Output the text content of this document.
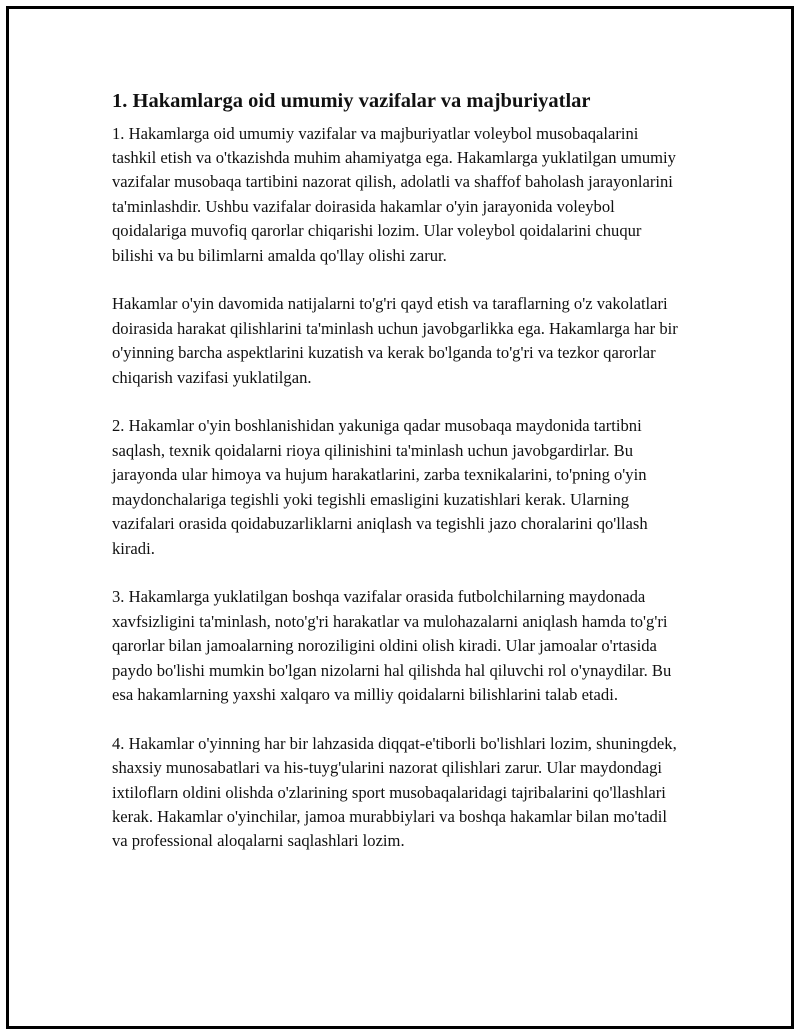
1. Hakamlarga oid umumiy vazifalar va majburiyatlar

1. Hakamlarga oid umumiy vazifalar va majburiyatlar voleybol musobaqalarini tashkil etish va o'tkazishda muhim ahamiyatga ega. Hakamlarga yuklatilgan umumiy vazifalar musobaqa tartibini nazorat qilish, adolatli va shaffof baholash jarayonlarini ta'minlashdir. Ushbu vazifalar doirasida hakamlar o'yin jarayonida voleybol qoidalariga muvofiq qarorlar chiqarishi lozim. Ular voleybol qoidalarini chuqur bilishi va bu bilimlarni amalda qo'llay olishi zarur.

Hakamlar o'yin davomida natijalarni to'g'ri qayd etish va taraflarning o'z vakolatlari doirasida harakat qilishlarini ta'minlash uchun javobgarlikka ega. Hakamlarga har bir o'yinning barcha aspektlarini kuzatish va kerak bo'lganda to'g'ri va tezkor qarorlar chiqarish vazifasi yuklatilgan.

2. Hakamlar o'yin boshlanishidan yakuniga qadar musobaqa maydonida tartibni saqlash, texnik qoidalarni rioya qilinishini ta'minlash uchun javobgardirlar. Bu jarayonda ular himoya va hujum harakatlarini, zarba texnikalarini, to'pning o'yin maydonchalariga tegishli yoki tegishli emasligini kuzatishlari kerak. Ularning vazifalari orasida qoidabuzarliklarni aniqlash va tegishli jazo choralarini qo'llash kiradi.

3. Hakamlarga yuklatilgan boshqa vazifalar orasida futbolchilarning maydonada xavfsizligini ta'minlash, noto'g'ri harakatlar va mulohazalarni aniqlash hamda to'g'ri qarorlar bilan jamoalarning noroziligini oldini olish kiradi. Ular jamoalar o'rtasida paydo bo'lishi mumkin bo'lgan nizolarni hal qilishda hal qiluvchi rol o'ynaydilar. Bu esa hakamlarning yaxshi xalqaro va milliy qoidalarni bilishlarini talab etadi.

4. Hakamlar o'yinning har bir lahzasida diqqat-e'tiborli bo'lishlari lozim, shuningdek, shaxsiy munosabatlari va his-tuyg'ularini nazorat qilishlari zarur. Ular maydondagi ixtiloflarn oldini olishda o'zlarining sport musobaqalaridagi tajribalarini qo'llashlari kerak. Hakamlar o'yinchilar, jamoa murabbiylari va boshqa hakamlar bilan mo'tadil va professional aloqalarni saqlashlari lozim.
